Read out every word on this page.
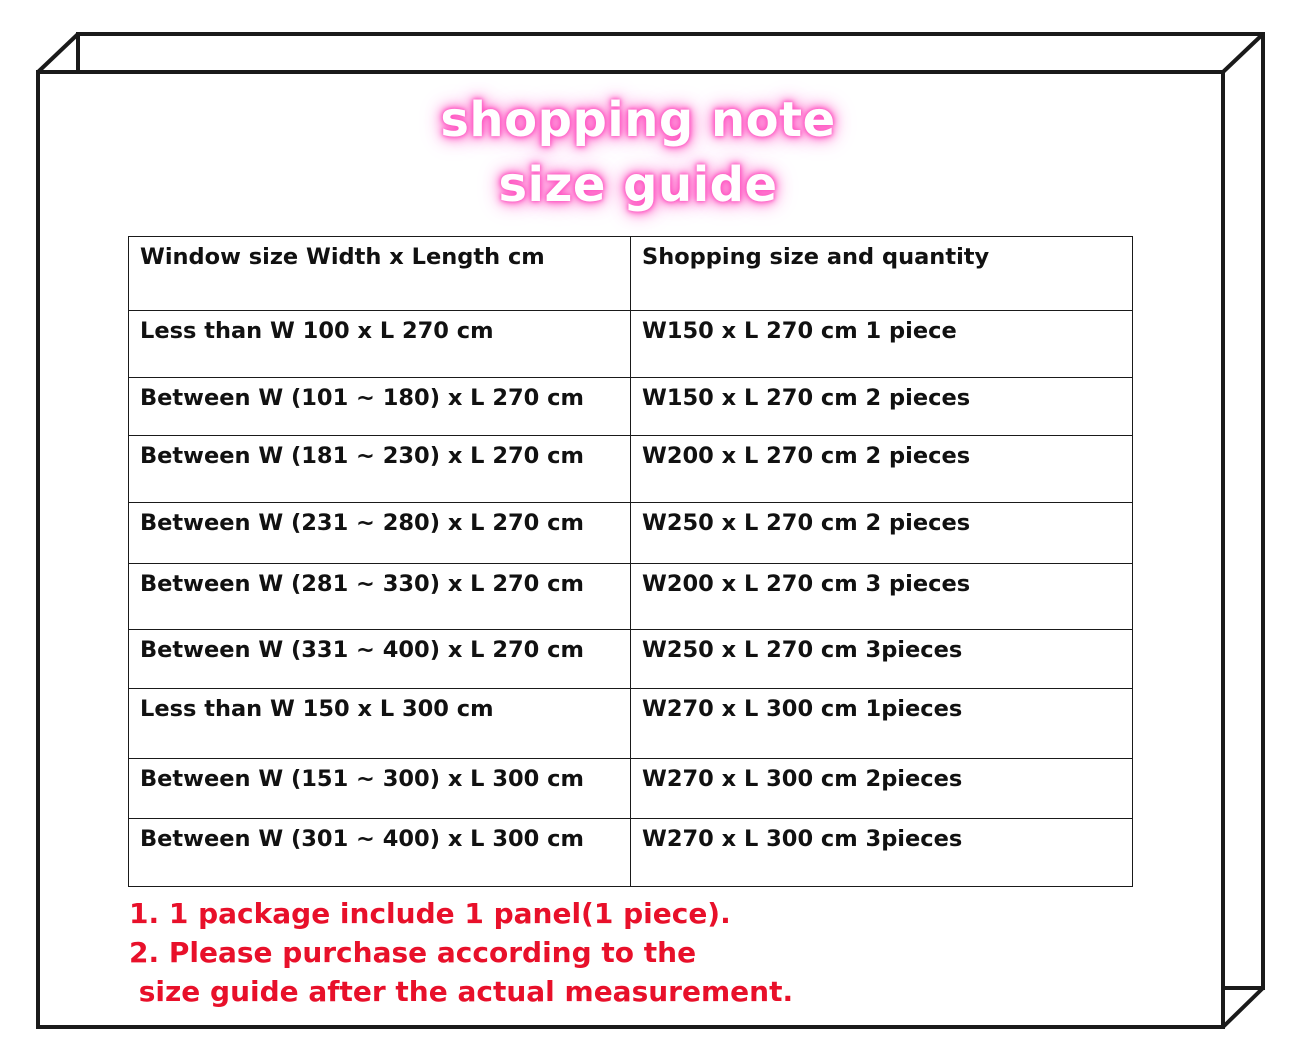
shopping note
size guide
Window size Width x Length cm	Shopping size and quantity
Less than W 100 x L 270 cm	W150 x L 270 cm 1 piece
Between W (101 ~ 180) x L 270 cm	W150 x L 270 cm 2 pieces
Between W (181 ~ 230) x L 270 cm	W200 x L 270 cm 2 pieces
Between W (231 ~ 280) x L 270 cm	W250 x L 270 cm 2 pieces
Between W (281 ~ 330) x L 270 cm	W200 x L 270 cm 3 pieces
Between W (331 ~ 400) x L 270 cm	W250 x L 270 cm 3pieces
Less than W 150 x L 300 cm	W270 x L 300 cm 1pieces
Between W (151 ~ 300) x L 300 cm	W270 x L 300 cm 2pieces
Between W (301 ~ 400) x L 300 cm	W270 x L 300 cm 3pieces
1. 1 package include 1 panel(1 piece).
2. Please purchase according to the
size guide after the actual measurement.
